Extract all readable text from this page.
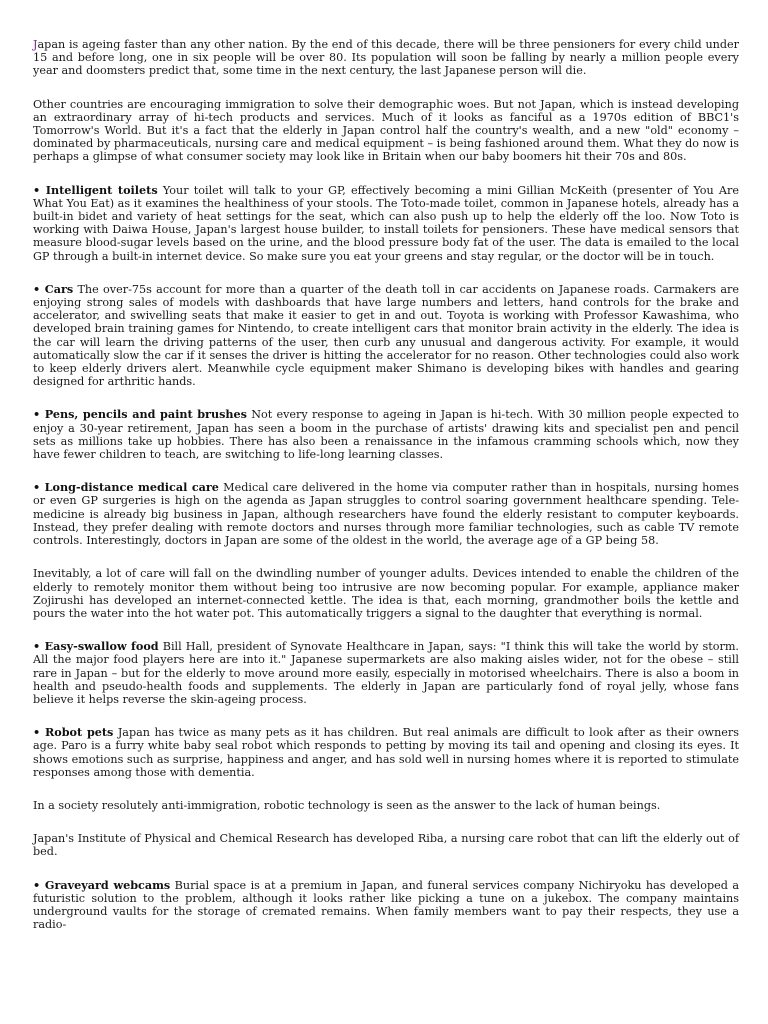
Japan is ageing faster than any other nation. By the end of this decade, there will be three pensioners for every child under 15 and before long, one in six people will be over 80. Its population will soon be falling by nearly a million people every year and doomsters predict that, some time in the next century, the last Japanese person will die.

Other countries are encouraging immigration to solve their demographic woes. But not Japan, which is instead developing an extraordinary array of hi-tech products and services. Much of it looks as fanciful as a 1970s edition of BBC1's Tomorrow's World. But it's a fact that the elderly in Japan control half the country's wealth, and a new "old" economy – dominated by pharmaceuticals, nursing care and medical equipment – is being fashioned around them. What they do now is perhaps a glimpse of what consumer society may look like in Britain when our baby boomers hit their 70s and 80s.

• Intelligent toilets Your toilet will talk to your GP, effectively becoming a mini Gillian McKeith (presenter of You Are What You Eat) as it examines the healthiness of your stools. The Toto-made toilet, common in Japanese hotels, already has a built-in bidet and variety of heat settings for the seat, which can also push up to help the elderly off the loo. Now Toto is working with Daiwa House, Japan's largest house builder, to install toilets for pensioners. These have medical sensors that measure blood-sugar levels based on the urine, and the blood pressure body fat of the user. The data is emailed to the local GP through a built-in internet device. So make sure you eat your greens and stay regular, or the doctor will be in touch.

• Cars The over-75s account for more than a quarter of the death toll in car accidents on Japanese roads. Carmakers are enjoying strong sales of models with dashboards that have large numbers and letters, hand controls for the brake and accelerator, and swivelling seats that make it easier to get in and out. Toyota is working with Professor Kawashima, who developed brain training games for Nintendo, to create intelligent cars that monitor brain activity in the elderly. The idea is the car will learn the driving patterns of the user, then curb any unusual and dangerous activity. For example, it would automatically slow the car if it senses the driver is hitting the accelerator for no reason. Other technologies could also work to keep elderly drivers alert. Meanwhile cycle equipment maker Shimano is developing bikes with handles and gearing designed for arthritic hands.

• Pens, pencils and paint brushes Not every response to ageing in Japan is hi-tech. With 30 million people expected to enjoy a 30-year retirement, Japan has seen a boom in the purchase of artists' drawing kits and specialist pen and pencil sets as millions take up hobbies. There has also been a renaissance in the infamous cramming schools which, now they have fewer children to teach, are switching to life-long learning classes.

• Long-distance medical care Medical care delivered in the home via computer rather than in hospitals, nursing homes or even GP surgeries is high on the agenda as Japan struggles to control soaring government healthcare spending. Tele-medicine is already big business in Japan, although researchers have found the elderly resistant to computer keyboards. Instead, they prefer dealing with remote doctors and nurses through more familiar technologies, such as cable TV remote controls. Interestingly, doctors in Japan are some of the oldest in the world, the average age of a GP being 58.

Inevitably, a lot of care will fall on the dwindling number of younger adults. Devices intended to enable the children of the elderly to remotely monitor them without being too intrusive are now becoming popular. For example, appliance maker Zojirushi has developed an internet-connected kettle. The idea is that, each morning, grandmother boils the kettle and pours the water into the hot water pot. This automatically triggers a signal to the daughter that everything is normal.

• Easy-swallow food Bill Hall, president of Synovate Healthcare in Japan, says: "I think this will take the world by storm. All the major food players here are into it." Japanese supermarkets are also making aisles wider, not for the obese – still rare in Japan – but for the elderly to move around more easily, especially in motorised wheelchairs. There is also a boom in health and pseudo-health foods and supplements. The elderly in Japan are particularly fond of royal jelly, whose fans believe it helps reverse the skin-ageing process.

• Robot pets Japan has twice as many pets as it has children. But real animals are difficult to look after as their owners age. Paro is a furry white baby seal robot which responds to petting by moving its tail and opening and closing its eyes. It shows emotions such as surprise, happiness and anger, and has sold well in nursing homes where it is reported to stimulate responses among those with dementia.

In a society resolutely anti-immigration, robotic technology is seen as the answer to the lack of human beings.

Japan's Institute of Physical and Chemical Research has developed Riba, a nursing care robot that can lift the elderly out of bed.

• Graveyard webcams Burial space is at a premium in Japan, and funeral services company Nichiryoku has developed a futuristic solution to the problem, although it looks rather like picking a tune on a jukebox. The company maintains underground vaults for the storage of cremated remains. When family members want to pay their respects, they use a radio-
